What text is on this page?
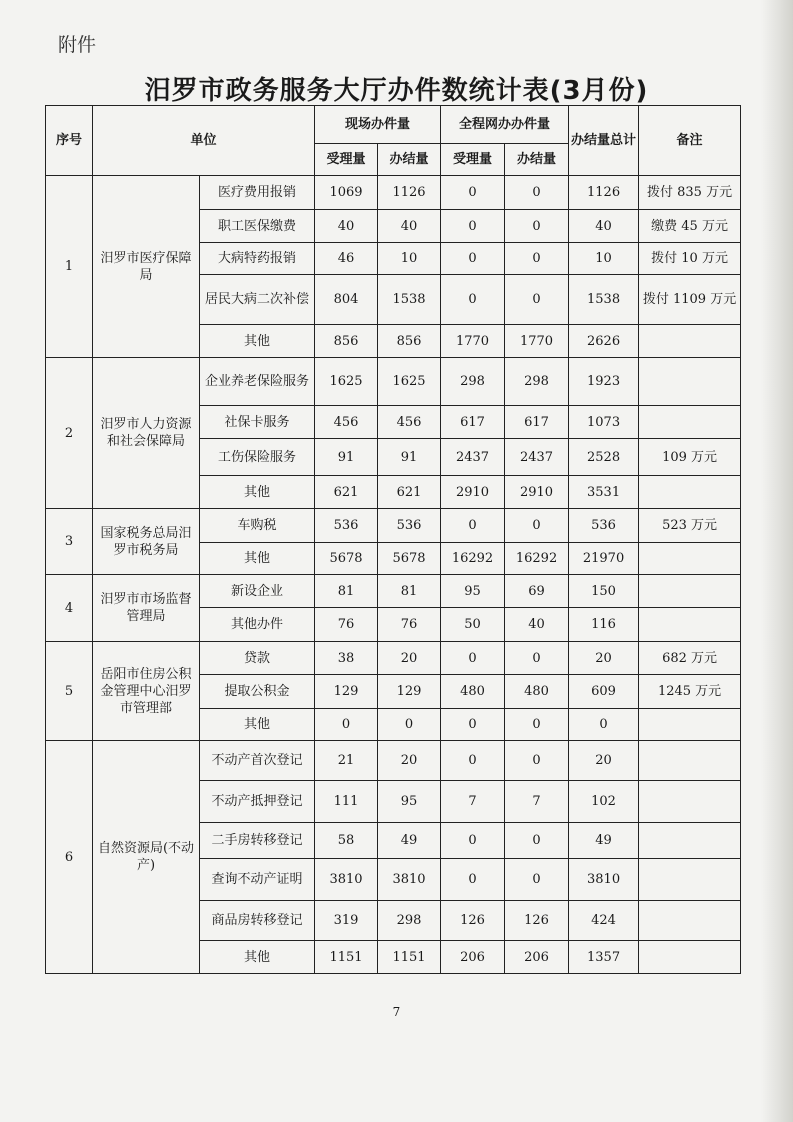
附件
汨罗市政务服务大厅办件数统计表(3月份)
序号	单位		现场办件量		全程网办办件量		办结量总计	备注
			受理量	办结量	受理量	办结量		
1	汨罗市医疗保障局	医疗费用报销	1069	1126	0	0	1126	拨付 835 万元
		职工医保缴费	40	40	0	0	40	缴费 45 万元
		大病特药报销	46	10	0	0	10	拨付 10 万元
		居民大病二次补偿	804	1538	0	0	1538	拨付 1109 万元
		其他	856	856	1770	1770	2626	
2	汨罗市人力资源和社会保障局	企业养老保险服务	1625	1625	298	298	1923	
		社保卡服务	456	456	617	617	1073	
		工伤保险服务	91	91	2437	2437	2528	109 万元
		其他	621	621	2910	2910	3531	
3	国家税务总局汨罗市税务局	车购税	536	536	0	0	536	523 万元
		其他	5678	5678	16292	16292	21970	
4	汨罗市市场监督管理局	新设企业	81	81	95	69	150	
		其他办件	76	76	50	40	116	
5	岳阳市住房公积金管理中心汨罗市管理部	贷款	38	20	0	0	20	682 万元
		提取公积金	129	129	480	480	609	1245 万元
		其他	0	0	0	0	0	
6	自然资源局(不动产)	不动产首次登记	21	20	0	0	20	
		不动产抵押登记	111	95	7	7	102	
		二手房转移登记	58	49	0	0	49	
		查询不动产证明	3810	3810	0	0	3810	
		商品房转移登记	319	298	126	126	424	
		其他	1151	1151	206	206	1357	
7
